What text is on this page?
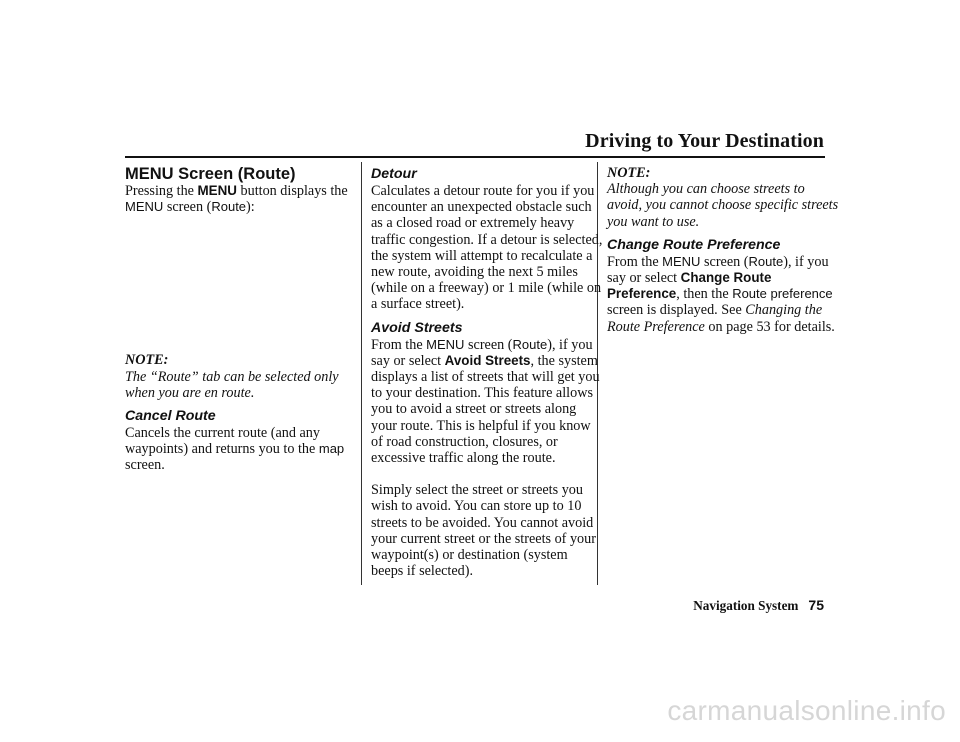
Driving to Your Destination
MENU Screen (Route)

Pressing the MENU button displays the MENU screen (Route):

NOTE:
The “Route” tab can be selected only when you are en route.
Cancel Route

Cancels the current route (and any waypoints) and returns you to the map screen.

Detour

Calculates a detour route for you if you encounter an unexpected obstacle such as a closed road or extremely heavy traffic congestion. If a detour is selected, the system will attempt to recalculate a new route, avoiding the next 5 miles (while on a freeway) or 1 mile (while on a surface street).

Avoid Streets

From the MENU screen (Route), if you say or select Avoid Streets, the system displays a list of streets that will get you to your destination. This feature allows you to avoid a street or streets along your route. This is helpful if you know of road construction, closures, or excessive traffic along the route.

Simply select the street or streets you wish to avoid. You can store up to 10 streets to be avoided. You cannot avoid your current street or the streets of your waypoint(s) or destination (system beeps if selected).

NOTE:
Although you can choose streets to avoid, you cannot choose specific streets you want to use.
Change Route Preference

From the MENU screen (Route), if you say or select Change Route Preference, then the Route preference screen is displayed. See Changing the Route Preference on page 53 for details.

Navigation System 75
carmanualsonline.info
